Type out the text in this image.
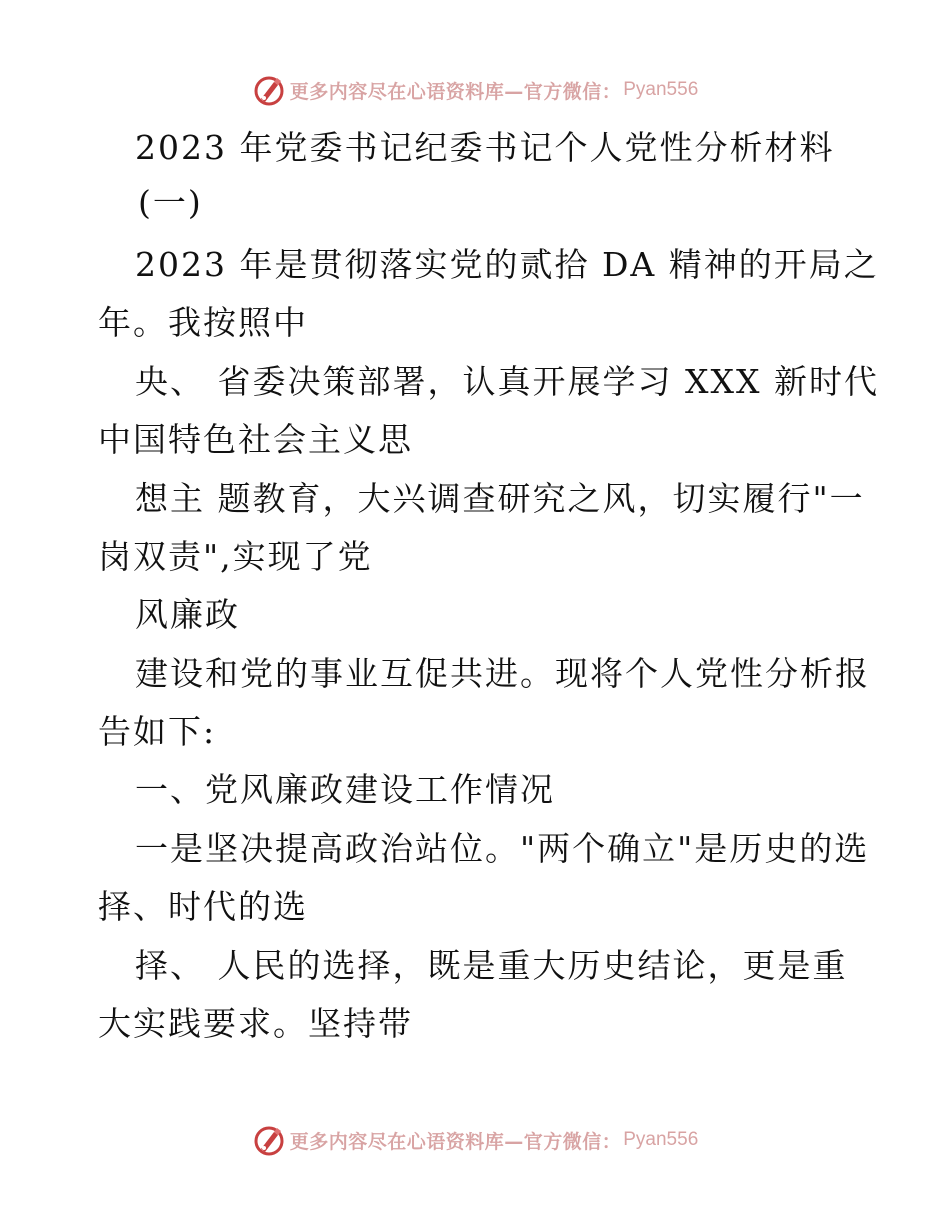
更多内容尽在心语资料库—官方微信： Pyan556
2023 年党委书记纪委书记个人党性分析材料
(一)
2023 年是贯彻落实党的贰拾 DA 精神的开局之
年。我按照中
央、 省委决策部署，认真开展学习 XXX 新时代
中国特色社会主义思
想主 题教育，大兴调查研究之风，切实履行"一
岗双责",实现了党
风廉政
建设和党的事业互促共进。现将个人党性分析报
告如下:
一、党风廉政建设工作情况
一是坚决提高政治站位。"两个确立"是历史的选
择、时代的选
择、 人民的选择，既是重大历史结论，更是重
大实践要求。坚持带
更多内容尽在心语资料库—官方微信： Pyan556
